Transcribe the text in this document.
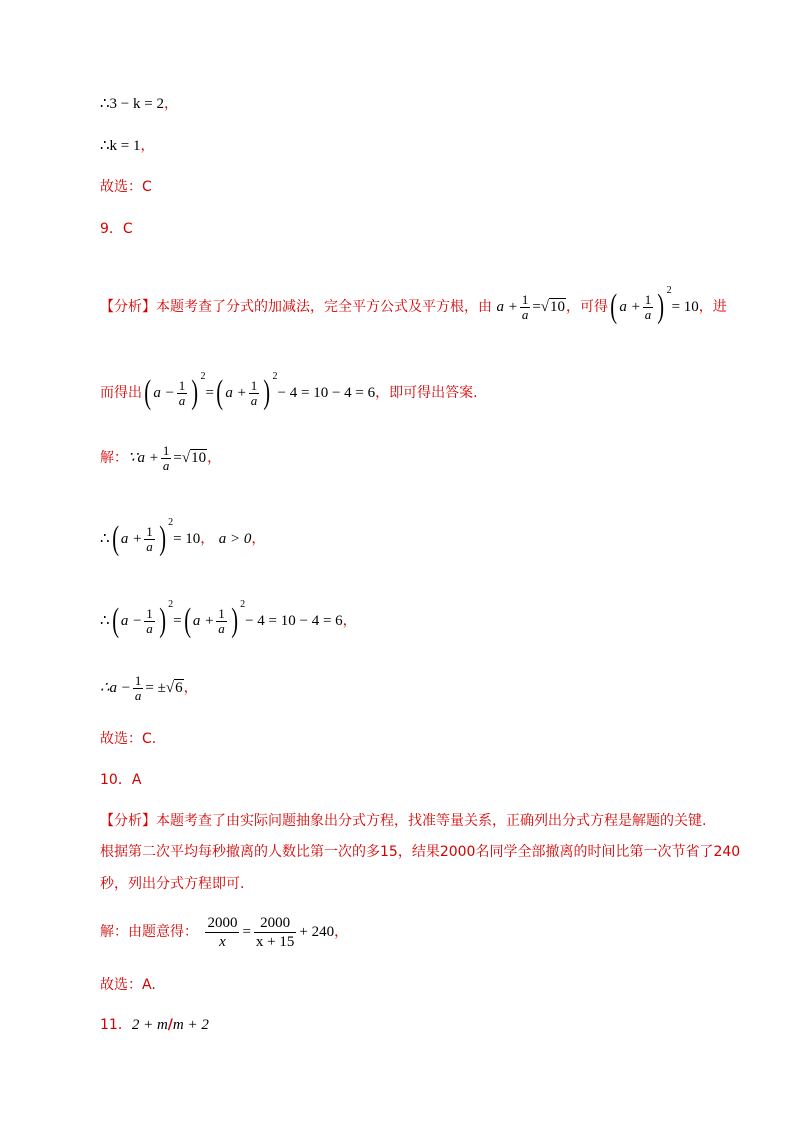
∴3 − k = 2，
∴k = 1，
故选：C
9．C
【分析】本题考查了分式的加减法，完全平方公式及平方根，由 $a + \frac{1}{a} =√10$，可得( $a + \frac{1}{a}$ ) $^2$= 10，进
而得出( $a - \frac{1}{a}$ ) $^2$=( $a + \frac{1}{a}$ ) $^2$− 4 = 10 − 4 = 6，即可得出答案.
解：∵a + $\frac{1}{a} =√10$，
∴( $a + \frac{1}{a}$ ) $^2$= 10， a > 0，
∴( $a - \frac{1}{a}$ ) $^2$=( $a + \frac{1}{a}$ ) $^2$− 4 = 10 − 4 = 6，
∴a − $\frac{1}{a} = \pm√6$，
故选：C.
10．A
【分析】本题考查了由实际问题抽象出分式方程，找准等量关系，正确列出分式方程是解题的关键.
根据第二次平均每秒撤离的人数比第一次的多15，结果2000名同学全部撤离的时间比第一次节省了240
秒，列出分式方程即可.
解：由题意得： $\frac{2000}{x} = \frac{2000}{x + 15} + 240$，
故选：A.
11．2 + m/m + 2
